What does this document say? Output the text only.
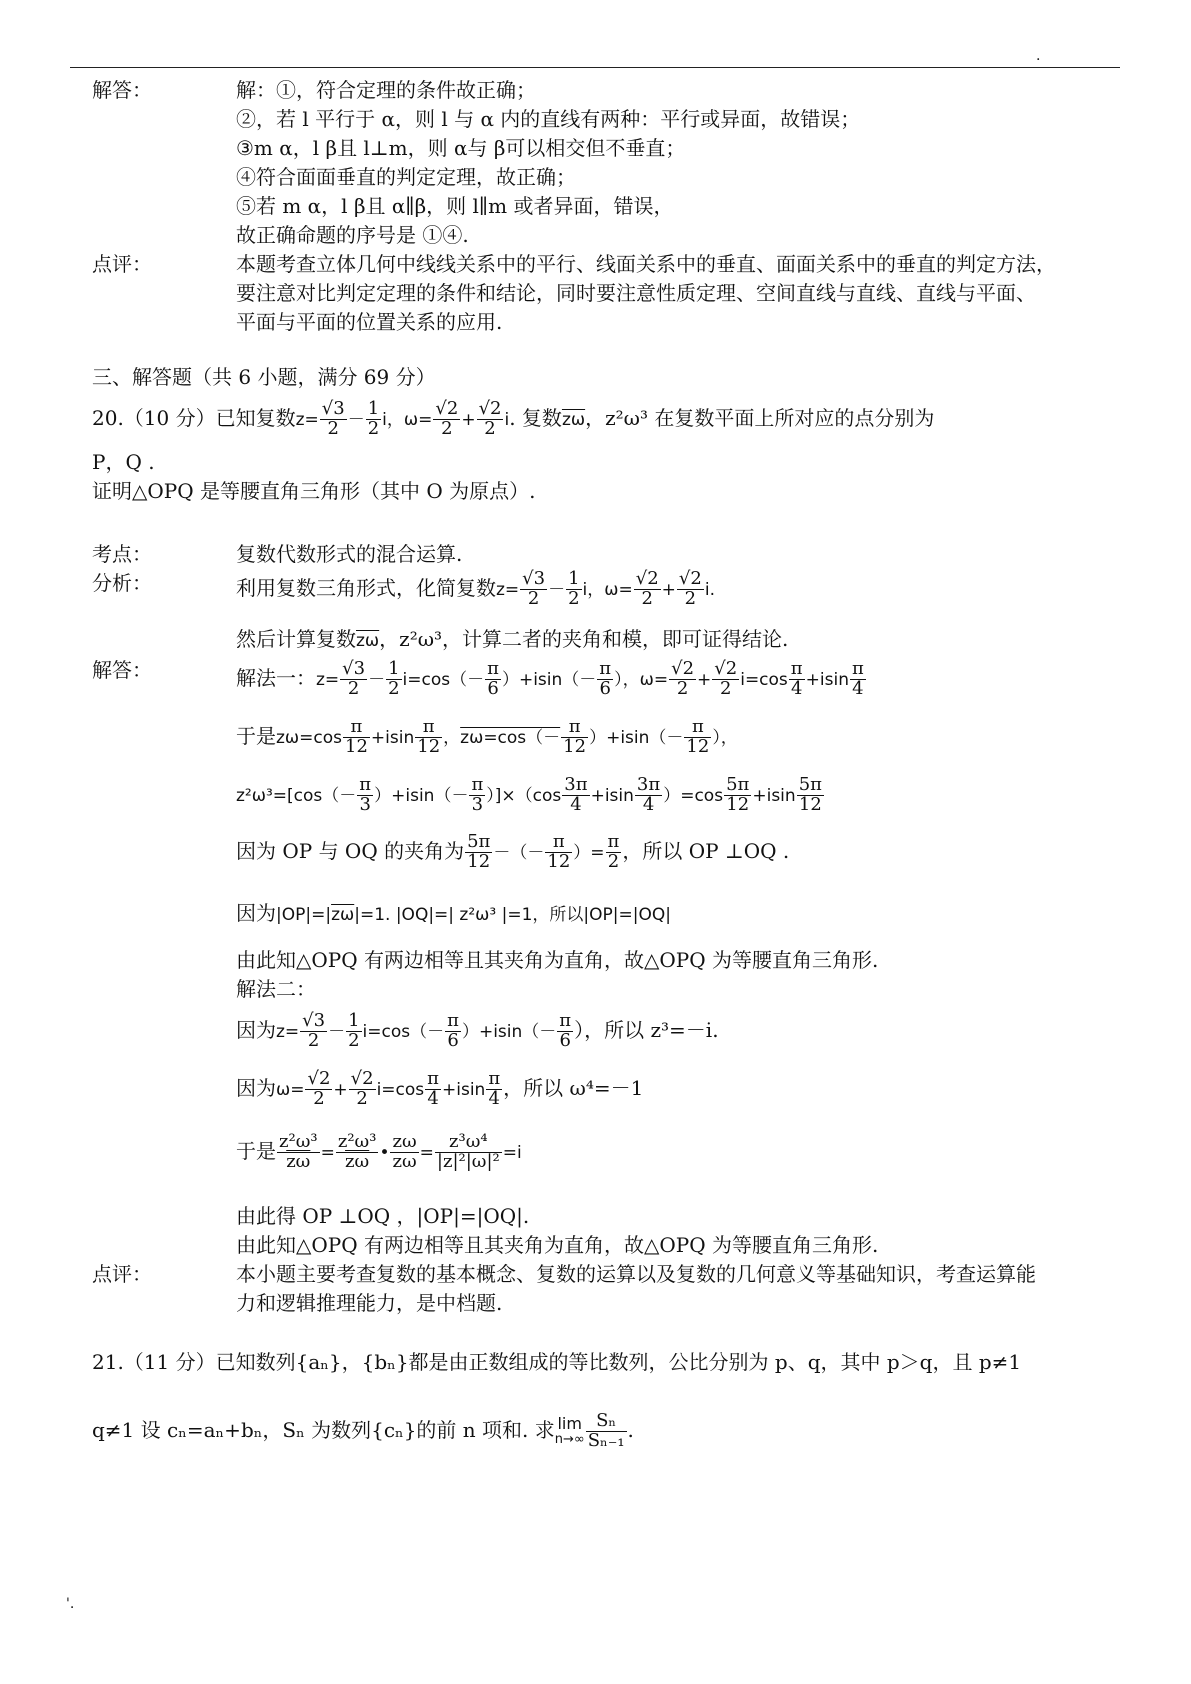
.
解答：	解：①，符合定理的条件故正确；
②，若 l 平行于 α，则 l 与 α 内的直线有两种：平行或异面，故错误；
③m α，l β且 l⊥m，则 α与 β可以相交但不垂直；
④符合面面垂直的判定定理，故正确；
⑤若 m α，l β且 α∥β，则 l∥m 或者异面，错误，
故正确命题的序号是 ①④.
点评：	本题考查立体几何中线线关系中的平行、线面关系中的垂直、面面关系中的垂直的判定方法，
要注意对比判定定理的条件和结论，同时要注意性质定理、空间直线与直线、直线与平面、
平面与平面的位置关系的应用.
三、解答题（共 6 小题，满分 69 分）
20.（10 分）已知复数$z= \frac{√3}{2} - \frac{1}{2}$ i，$\omega= \frac{√2}{2} + \frac{√2}{2} i$. 复数$\overline{z\omega}$，z²ω³ 在复数平面上所对应的点分别为
P，Q .
证明△OPQ 是等腰直角三角形（其中 O 为原点）.
考点：	复数代数形式的混合运算.
分析：	利用复数三角形式，化简复数$z= \frac{√3}{2} - \frac{1}{2}$ i，$\omega= \frac{√2}{2} + \frac{√2}{2} i$.
然后计算复数$\overline{z\omega}$，z²ω³，计算二者的夹角和模，即可证得结论.
解答：	解法一：$z= \frac{√3}{2} - \frac{1}{2} i=\cos(- \frac{\pi}{6} )+isin(- \frac{\pi}{6}$ ），$\omega= \frac{√2}{2} + \frac{√2}{2} i=\cos \frac{\pi}{4} +isin \frac{\pi}{4}$
于是$z\omega=\cos \frac{\pi}{12} +isin \frac{\pi}{12}$ ，$z\omega=\cos(- \frac{\pi}{12} )+isin(- \frac{\pi}{12}$ ），
$z^2\omega^3=[\cos(- \frac{\pi}{3} )+isin(- \frac{\pi}{3} )]\times(\cos \frac{3\pi}{4} +isin \frac{3\pi}{4} )=\cos \frac{5\pi}{12} +isin \frac{5\pi}{12}$
因为 OP 与 OQ 的夹角为 $\frac{5\pi}{12}$ －（－ $\frac{\pi}{12}$ ）= $\frac{\pi}{2}$ ，所以 OP ⊥OQ .
因为$|OP|=|\overline{z\omega}|=1$. |OQ|=| z²ω³ |=1，所以|OP|=|OQ|
由此知△OPQ 有两边相等且其夹角为直角，故△OPQ 为等腰直角三角形.
解法二：
因为$z= \frac{√3}{2} - \frac{1}{2} i=\cos(- \frac{\pi}{6} )+isin(- \frac{\pi}{6}$ ），所以 z³=－i.
因为$\omega= \frac{√2}{2} + \frac{√2}{2} i=\cos \frac{\pi}{4} +isin \frac{\pi}{4}$ ，所以 ω⁴=－1
于是 $\frac{\text{z²ω³}}{z\omega} = \frac{\text{z²ω³}}{z\omega}$ • $\frac{z\omega}{z\omega} = \frac{\text{z³ω⁴}}{\text{|z|²|ω|²}} =i$
由此得 OP ⊥OQ ，|OP|=|OQ|.
由此知△OPQ 有两边相等且其夹角为直角，故△OPQ 为等腰直角三角形.
点评：	本小题主要考查复数的基本概念、复数的运算以及复数的几何意义等基础知识，考查运算能
力和逻辑推理能力，是中档题.
21.（11 分）已知数列{aₙ}，{bₙ}都是由正数组成的等比数列，公比分别为 p、q，其中 p＞q，且 p≠1
q≠1 设 cₙ=aₙ+bₙ，Sₙ 为数列{cₙ}的前 n 项和. 求 lim
$n\to\infty \frac{\text{Sₙ}}{\text{Sₙ₋₁}}$ .
'.
